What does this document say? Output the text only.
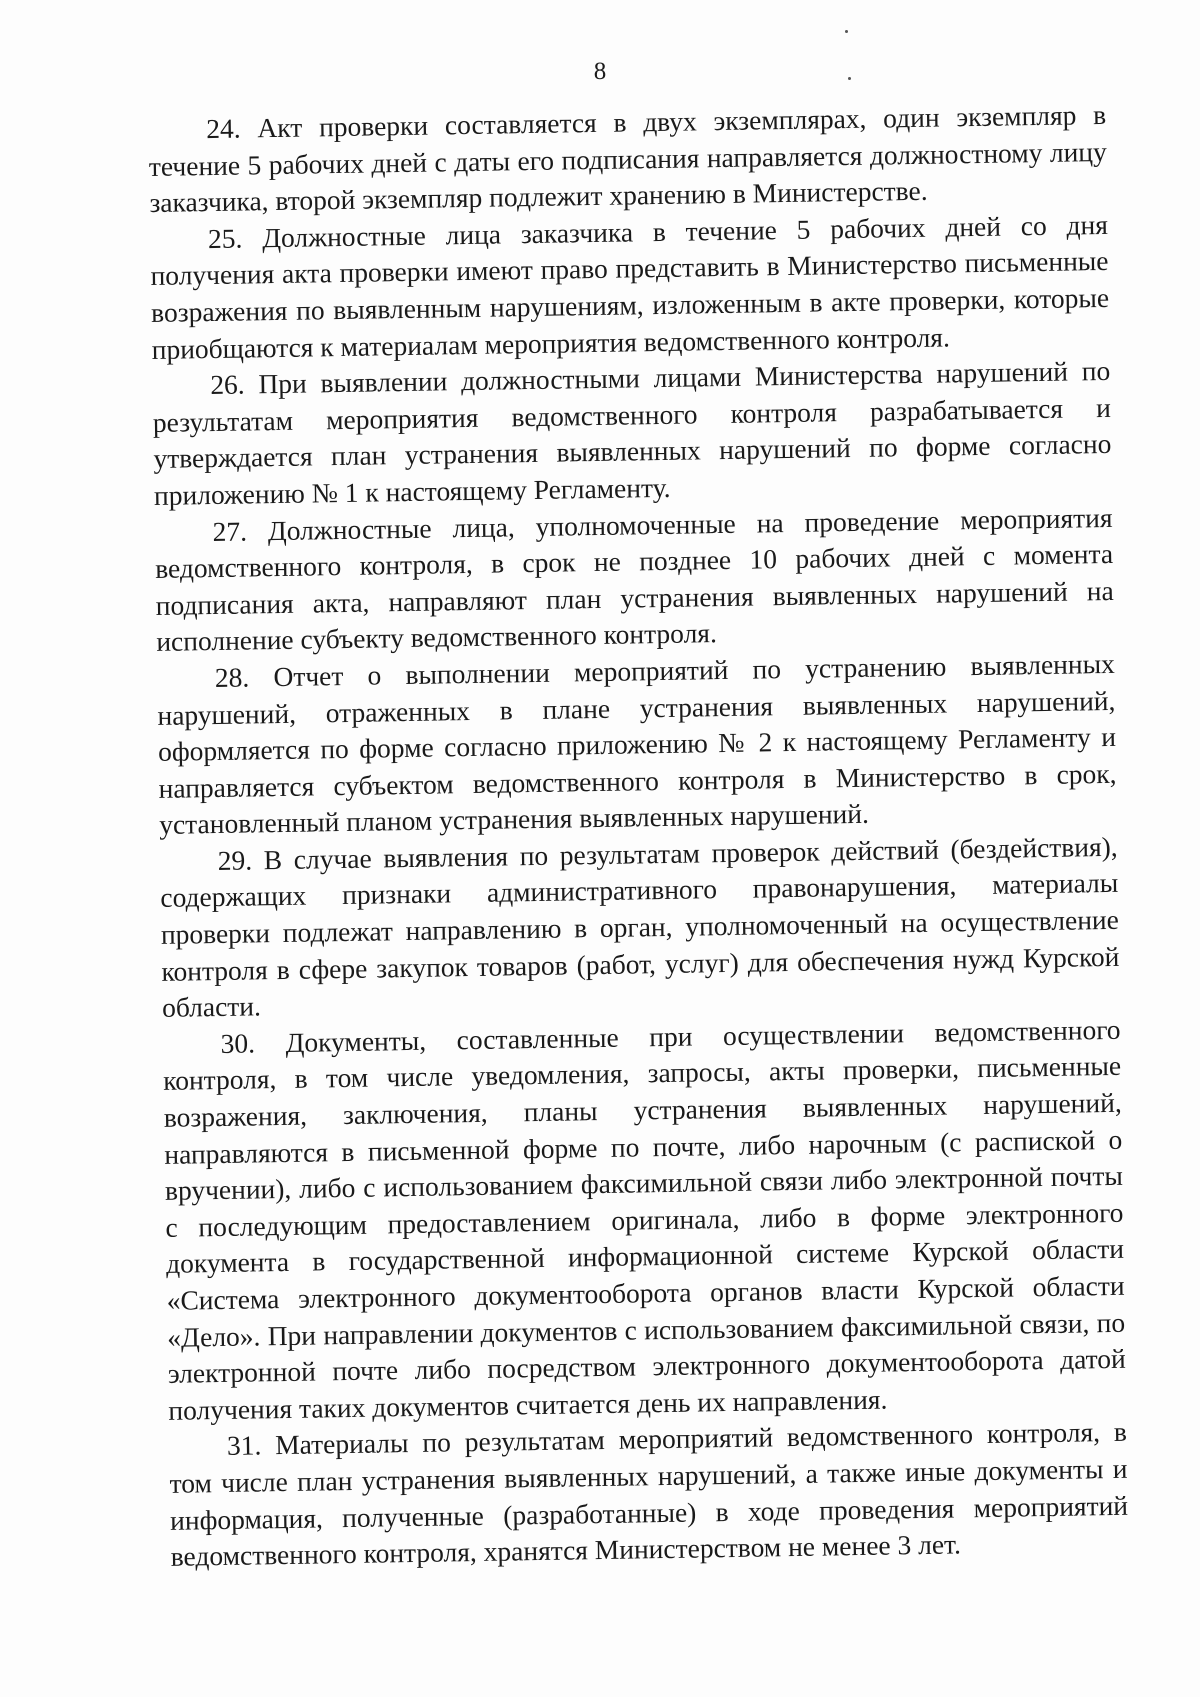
8

24. Акт проверки составляется в двух экземплярах, один экземпляр в течение 5 рабочих дней с даты его подписания направляется должностному лицу заказчика, второй экземпляр подлежит хранению в Министерстве.

25. Должностные лица заказчика в течение 5 рабочих дней со дня получения акта проверки имеют право представить в Министерство письменные возражения по выявленным нарушениям, изложенным в акте проверки, которые приобщаются к материалам мероприятия ведомственного контроля.

26. При выявлении должностными лицами Министерства нарушений по результатам мероприятия ведомственного контроля разрабатывается и утверждается план устранения выявленных нарушений по форме согласно приложению № 1 к настоящему Регламенту.

27. Должностные лица, уполномоченные на проведение мероприятия ведомственного контроля, в срок не позднее 10 рабочих дней с момента подписания акта, направляют план устранения выявленных нарушений на исполнение субъекту ведомственного контроля.

28. Отчет о выполнении мероприятий по устранению выявленных нарушений, отраженных в плане устранения выявленных нарушений, оформляется по форме согласно приложению № 2 к настоящему Регламенту и направляется субъектом ведомственного контроля в Министерство в срок, установленный планом устранения выявленных нарушений.

29. В случае выявления по результатам проверок действий (бездействия), содержащих признаки административного правонарушения, материалы проверки подлежат направлению в орган, уполномоченный на осуществление контроля в сфере закупок товаров (работ, услуг) для обеспечения нужд Курской области.

30. Документы, составленные при осуществлении ведомственного контроля, в том числе уведомления, запросы, акты проверки, письменные возражения, заключения, планы устранения выявленных нарушений, направляются в письменной форме по почте, либо нарочным (с распиской о вручении), либо с использованием факсимильной связи либо электронной почты с последующим предоставлением оригинала, либо в форме электронного документа в государственной информационной системе Курской области «Система электронного документооборота органов власти Курской области «Дело». При направлении документов с использованием факсимильной связи, по электронной почте либо посредством электронного документооборота датой получения таких документов считается день их направления.

31. Материалы по результатам мероприятий ведомственного контроля, в том числе план устранения выявленных нарушений, а также иные документы и информация, полученные (разработанные) в ходе проведения мероприятий ведомственного контроля, хранятся Министерством не менее 3 лет.
